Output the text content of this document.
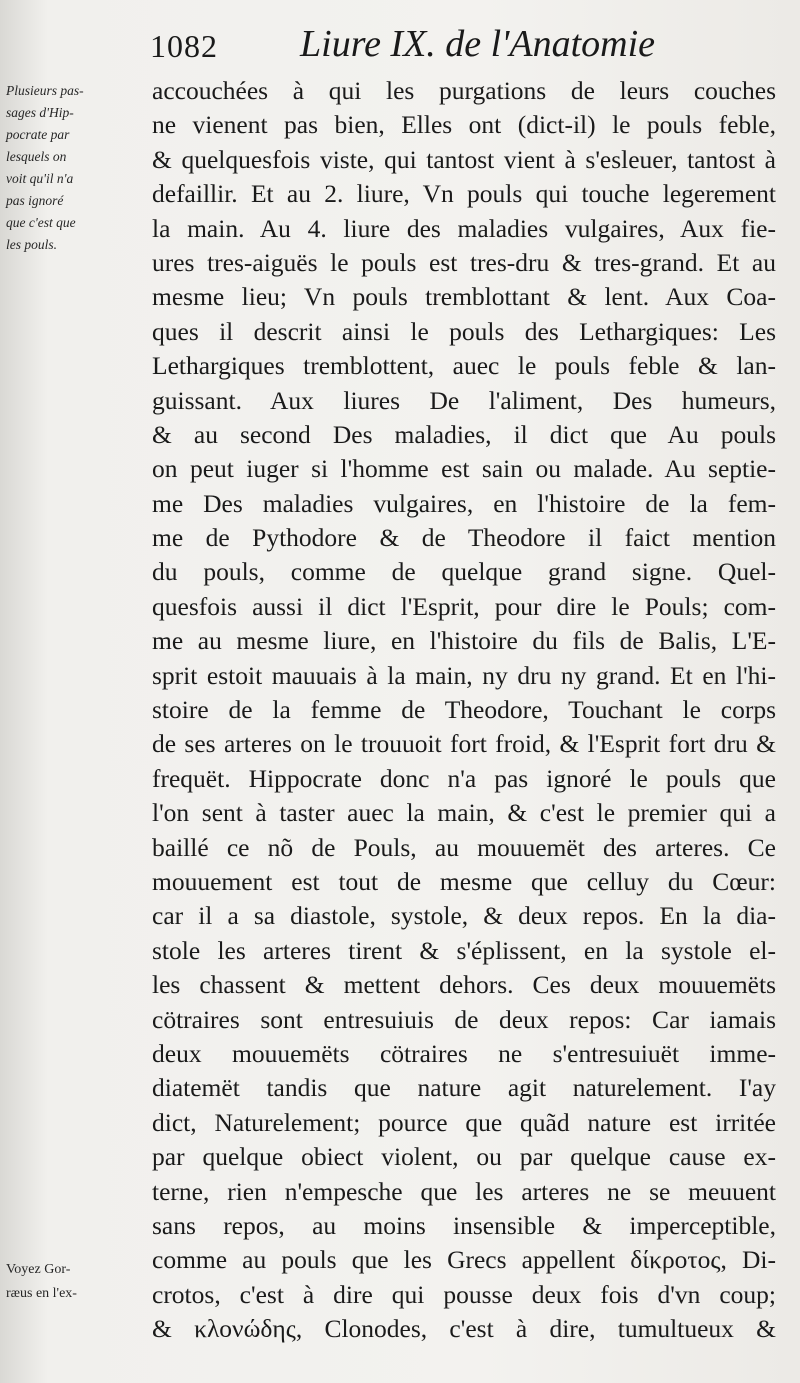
1082 Liure IX. de l'Anatomie
Plusieurs pas-
sages d'Hip-
pocrate par
lesquels on
voit qu'il n'a
pas ignoré
que c'est que
les pouls.
Voyez Gor-
ræus en l'ex-
accouchées à qui les purgations de leurs couches
ne vienent pas bien, Elles ont (dict-il) le pouls feble,
& quelquesfois viste, qui tantost vient à s'esleuer, tantost à
defaillir. Et au 2. liure, Vn pouls qui touche legerement
la main. Au 4. liure des maladies vulgaires, Aux fie-
ures tres-aiguës le pouls est tres-dru & tres-grand. Et au
mesme lieu; Vn pouls tremblottant & lent. Aux Coa-
ques il descrit ainsi le pouls des Lethargiques: Les
Lethargiques tremblottent, auec le pouls feble & lan-
guissant. Aux liures De l'aliment, Des humeurs,
& au second Des maladies, il dict que Au pouls
on peut iuger si l'homme est sain ou malade. Au septie-
me Des maladies vulgaires, en l'histoire de la fem-
me de Pythodore & de Theodore il faict mention
du pouls, comme de quelque grand signe. Quel-
quesfois aussi il dict l'Esprit, pour dire le Pouls; com-
me au mesme liure, en l'histoire du fils de Balis, L'E-
sprit estoit mauuais à la main, ny dru ny grand. Et en l'hi-
stoire de la femme de Theodore, Touchant le corps
de ses arteres on le trouuoit fort froid, & l'Esprit fort dru &
frequët. Hippocrate donc n'a pas ignoré le pouls que
l'on sent à taster auec la main, & c'est le premier qui a
baillé ce nõ de Pouls, au mouuemët des arteres. Ce
mouuement est tout de mesme que celluy du Cœur:
car il a sa diastole, systole, & deux repos. En la dia-
stole les arteres tirent & s'éplissent, en la systole el-
les chassent & mettent dehors. Ces deux mouuemëts
cötraires sont entresuiuis de deux repos: Car iamais
deux mouuemëts cötraires ne s'entresuiuët imme-
diatemët tandis que nature agit naturelement. I'ay
dict, Naturelement; pource que quãd nature est irritée
par quelque obiect violent, ou par quelque cause ex-
terne, rien n'empesche que les arteres ne se meuuent
sans repos, au moins insensible & imperceptible,
comme au pouls que les Grecs appellent δίκροτος, Di-
crotos, c'est à dire qui pousse deux fois d'vn coup;
& κλονώδης, Clonodes, c'est à dire, tumultueux &
